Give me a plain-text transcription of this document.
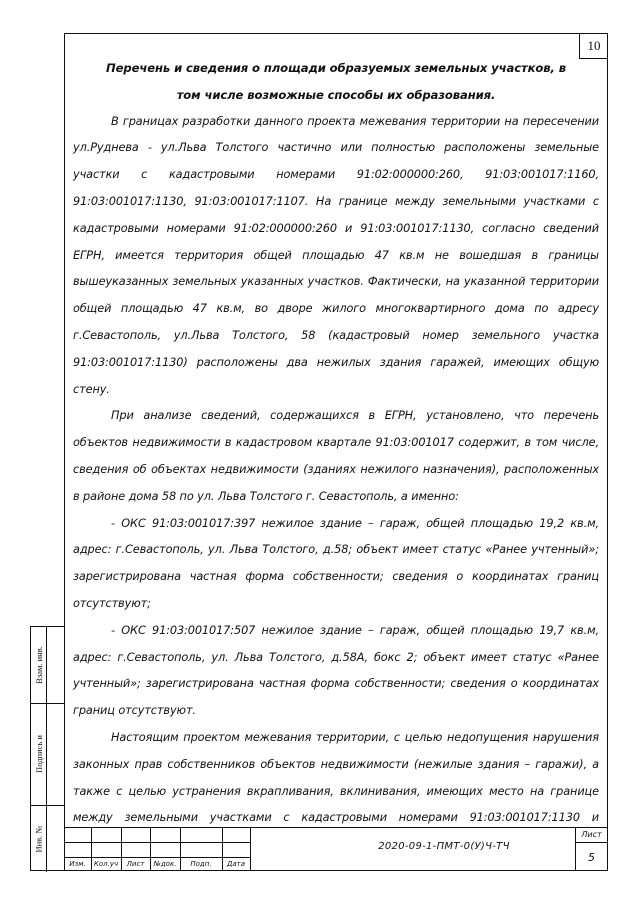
10
Перечень и сведения о площади образуемых земельных участков, в том числе возможные способы их образования.

В границах разработки данного проекта межевания территории на пересечении ул.Руднева - ул.Льва Толстого частично или полностью расположены земельные участки с кадастровыми номерами 91:02:000000:260, 91:03:001017:1160, 91:03:001017:1130, 91:03:001017:1107. На границе между земельными участками с кадастровыми номерами 91:02:000000:260 и 91:03:001017:1130, согласно сведений ЕГРН, имеется территория общей площадью 47 кв.м не вошедшая в границы вышеуказанных земельных указанных участков. Фактически, на указанной территории общей площадью 47 кв.м, во дворе жилого многоквартирного дома по адресу г.Севастополь, ул.Льва Толстого, 58 (кадастровый номер земельного участка 91:03:001017:1130) расположены два нежилых здания гаражей, имеющих общую стену.

При анализе сведений, содержащихся в ЕГРН, установлено, что перечень объектов недвижимости в кадастровом квартале 91:03:001017 содержит, в том числе, сведения об объектах недвижимости (зданиях нежилого назначения), расположенных в районе дома 58 по ул. Льва Толстого г. Севастополь, а именно:

- ОКС 91:03:001017:397 нежилое здание – гараж, общей площадью 19,2 кв.м, адрес: г.Севастополь, ул. Льва Толстого, д.58; объект имеет статус «Ранее учтенный»; зарегистрирована частная форма собственности; сведения о координатах границ отсутствуют;

- ОКС 91:03:001017:507 нежилое здание – гараж, общей площадью 19,7 кв.м, адрес: г.Севастополь, ул. Льва Толстого, д.58А, бокс 2; объект имеет статус «Ранее учтенный»; зарегистрирована частная форма собственности; сведения о координатах границ отсутствуют.

Настоящим проектом межевания территории, с целью недопущения нарушения законных прав собственников объектов недвижимости (нежилые здания – гаражи), а также с целью устранения вкрапливания, вклинивания, имеющих место на границе между земельными участками с кадастровыми номерами 91:03:001017:1130 и

Взам. инв.
Подпись и
Инв. №
Изм.	Кол.уч	Лист	№док.	Подп.	Дата
2020-09-1-ПМТ-0(У)Ч-ТЧ
Лист
5
